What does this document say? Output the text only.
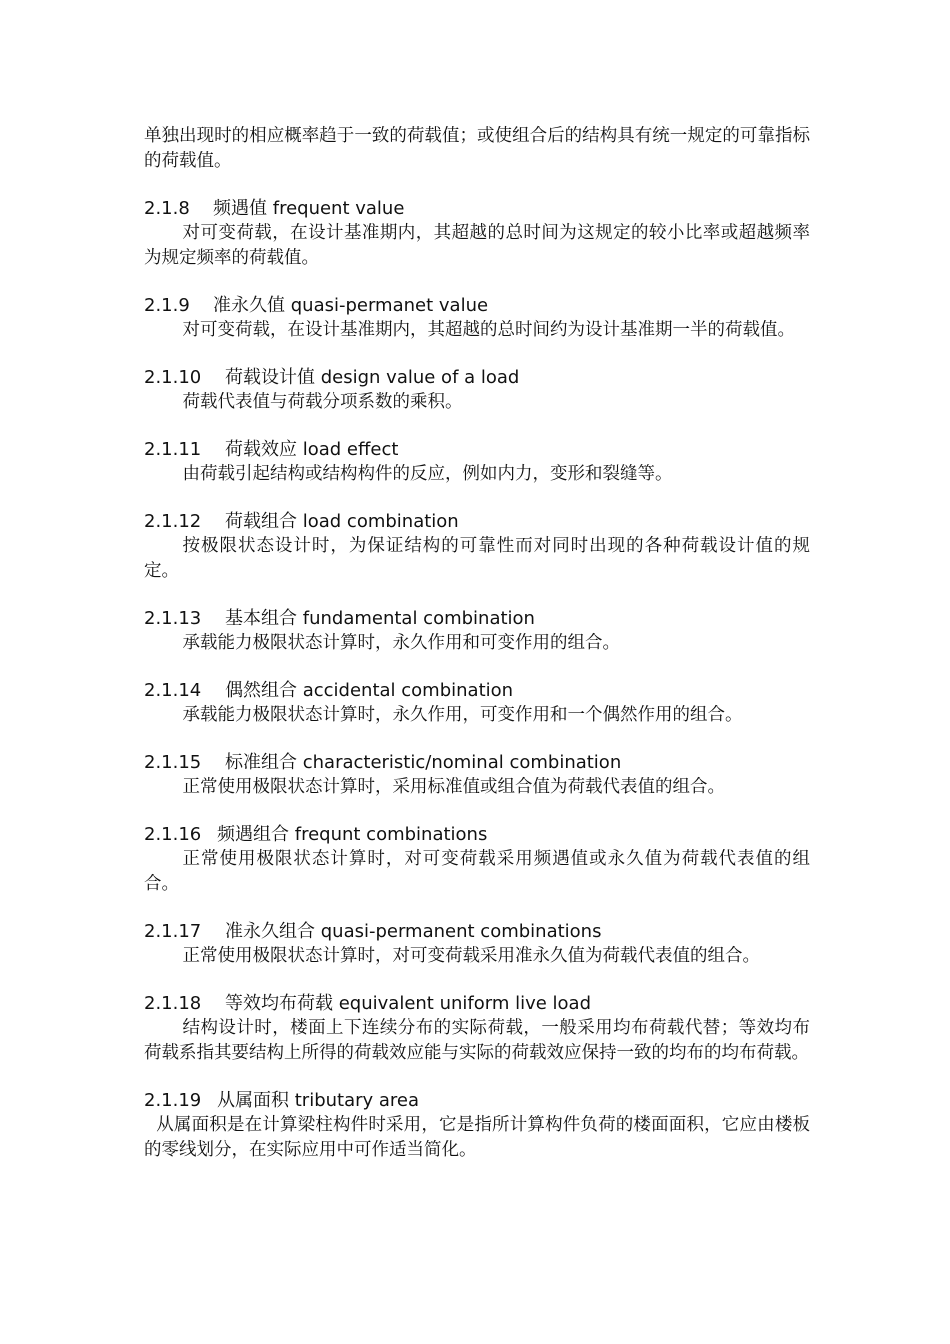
单独出现时的相应概率趋于一致的荷载值；或使组合后的结构具有统一规定的可靠指标的荷载值。

2.1.8 频遇值 frequent value

对可变荷载，在设计基准期内，其超越的总时间为这规定的较小比率或超越频率为规定频率的荷载值。

2.1.9 准永久值 quasi-permanet value

对可变荷载，在设计基准期内，其超越的总时间约为设计基准期一半的荷载值。

2.1.10 荷载设计值 design value of a load

荷载代表值与荷载分项系数的乘积。

2.1.11 荷载效应 load effect

由荷载引起结构或结构构件的反应，例如内力，变形和裂缝等。

2.1.12 荷载组合 load combination

按极限状态设计时，为保证结构的可靠性而对同时出现的各种荷载设计值的规定。

2.1.13 基本组合 fundamental combination

承载能力极限状态计算时，永久作用和可变作用的组合。

2.1.14 偶然组合 accidental combination

承载能力极限状态计算时，永久作用，可变作用和一个偶然作用的组合。

2.1.15 标准组合 characteristic/nominal combination

正常使用极限状态计算时，采用标准值或组合值为荷载代表值的组合。

2.1.16 频遇组合 frequnt combinations

正常使用极限状态计算时，对可变荷载采用频遇值或永久值为荷载代表值的组合。

2.1.17 准永久组合 quasi-permanent combinations

正常使用极限状态计算时，对可变荷载采用准永久值为荷载代表值的组合。

2.1.18 等效均布荷载 equivalent uniform live load

结构设计时，楼面上下连续分布的实际荷载，一般采用均布荷载代替；等效均布荷载系指其要结构上所得的荷载效应能与实际的荷载效应保持一致的均布的均布荷载。

2.1.19 从属面积 tributary area

从属面积是在计算梁柱构件时采用，它是指所计算构件负荷的楼面面积，它应由楼板的零线划分，在实际应用中可作适当简化。
